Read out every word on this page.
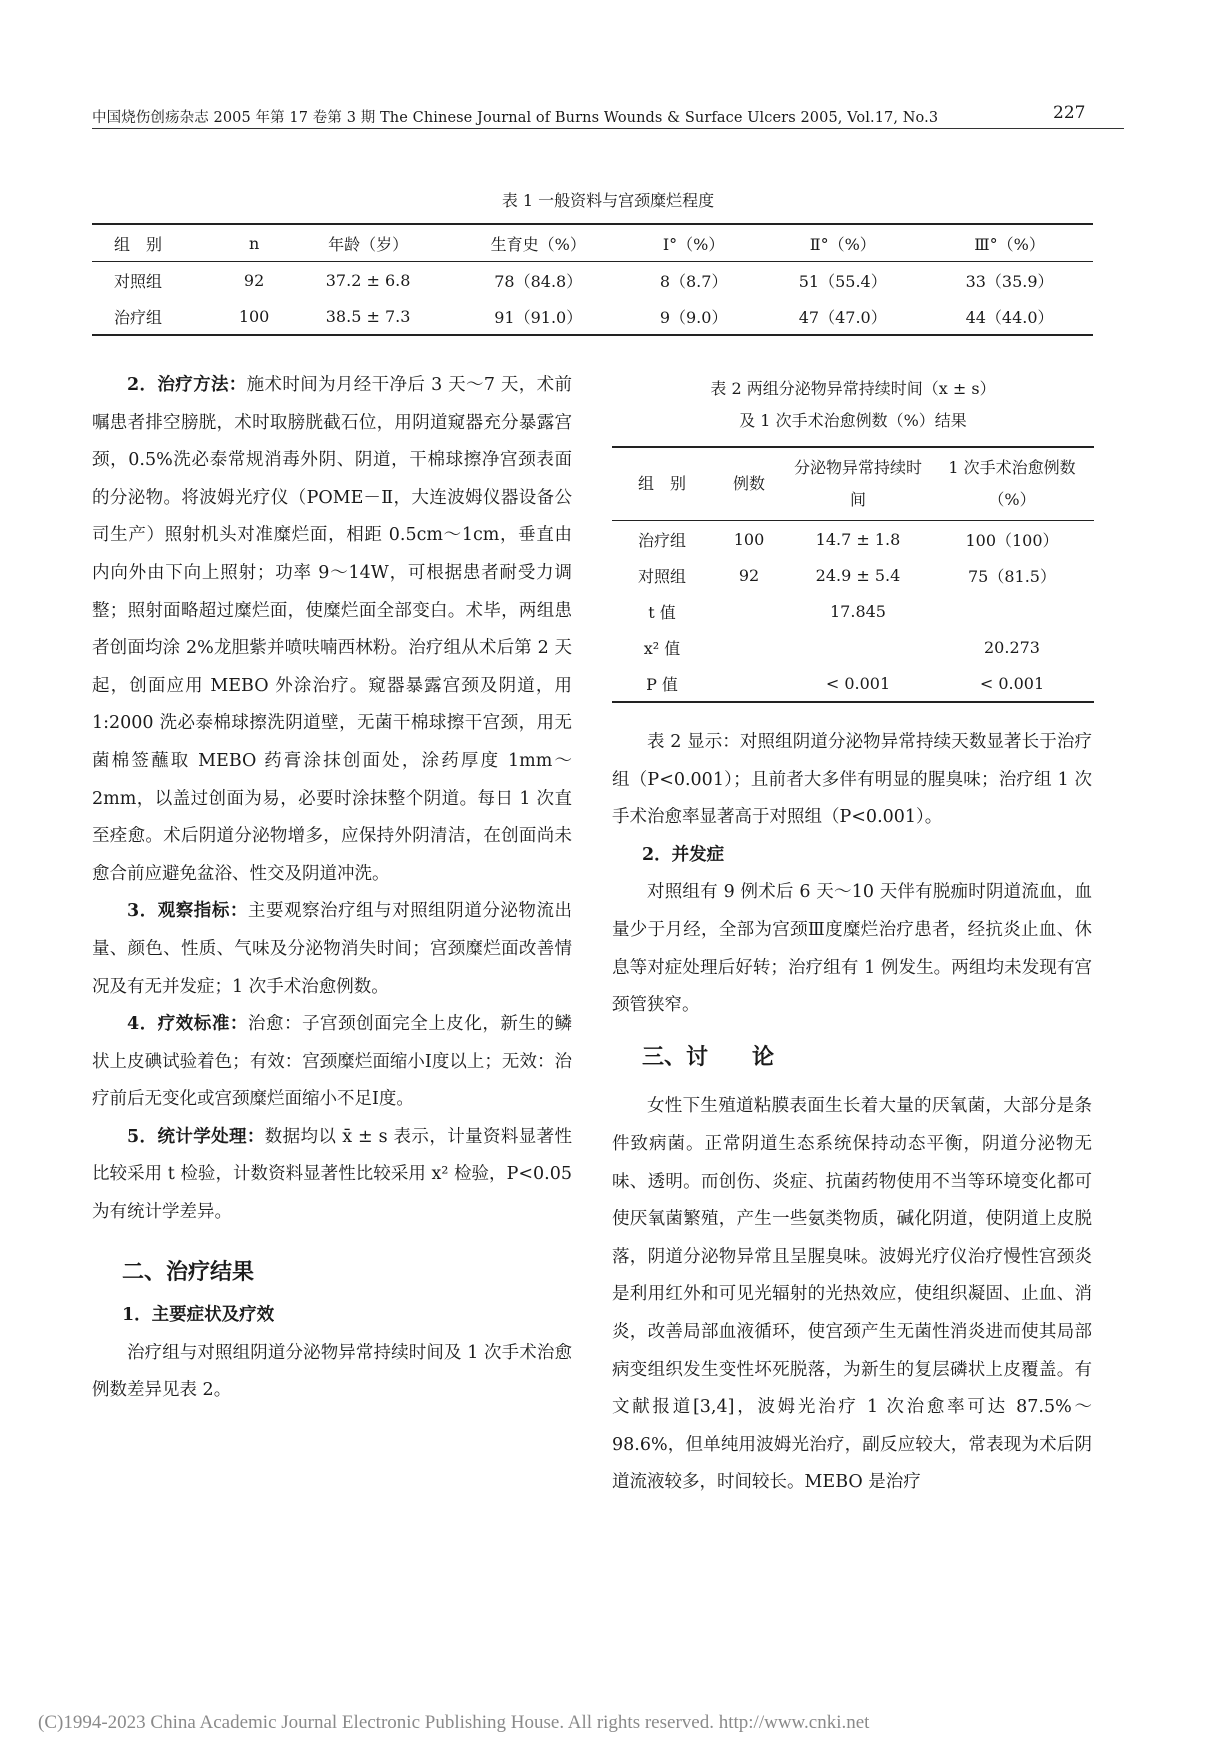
中国烧伤创疡杂志 2005 年第 17 卷第 3 期 The Chinese Journal of Burns Wounds & Surface Ulcers 2005, Vol.17, No.3	227
表 1 一般资料与宫颈糜烂程度
组　别	n	年龄（岁）	生育史（%）	Ⅰ°（%）	Ⅱ°（%）	Ⅲ°（%）
对照组	92	37.2 ± 6.8	78（84.8）	8（8.7）	51（55.4）	33（35.9）
治疗组	100	38.5 ± 7.3	91（91.0）	9（9.0）	47（47.0）	44（44.0）

2．治疗方法：施术时间为月经干净后 3 天～7 天，术前嘱患者排空膀胱，术时取膀胱截石位，用阴道窥器充分暴露宫颈，0.5%洗必泰常规消毒外阴、阴道，干棉球擦净宫颈表面的分泌物。将波姆光疗仪（POME－Ⅱ，大连波姆仪器设备公司生产）照射机头对准糜烂面，相距 0.5cm～1cm，垂直由内向外由下向上照射；功率 9～14W，可根据患者耐受力调整；照射面略超过糜烂面，使糜烂面全部变白。术毕，两组患者创面均涂 2%龙胆紫并喷呋喃西林粉。治疗组从术后第 2 天起，创面应用 MEBO 外涂治疗。窥器暴露宫颈及阴道，用 1:2000 洗必泰棉球擦洗阴道壁，无菌干棉球擦干宫颈，用无菌棉签蘸取 MEBO 药膏涂抹创面处，涂药厚度 1mm～2mm，以盖过创面为易，必要时涂抹整个阴道。每日 1 次直至痊愈。术后阴道分泌物增多，应保持外阴清洁，在创面尚未愈合前应避免盆浴、性交及阴道冲洗。

3．观察指标：主要观察治疗组与对照组阴道分泌物流出量、颜色、性质、气味及分泌物消失时间；宫颈糜烂面改善情况及有无并发症；1 次手术治愈例数。

4．疗效标准：治愈：子宫颈创面完全上皮化，新生的鳞状上皮碘试验着色；有效：宫颈糜烂面缩小Ⅰ度以上；无效：治疗前后无变化或宫颈糜烂面缩小不足Ⅰ度。

5．统计学处理：数据均以 x̄ ± s 表示，计量资料显著性比较采用 t 检验，计数资料显著性比较采用 x² 检验，P<0.05 为有统计学差异。

二、治疗结果

1．主要症状及疗效

治疗组与对照组阴道分泌物异常持续时间及 1 次手术治愈例数差异见表 2。

表 2 两组分泌物异常持续时间（x ± s）
及 1 次手术治愈例数（%）结果
组　别	例数	分泌物异常持续时间	1 次手术治愈例数（%）
治疗组	100	14.7 ± 1.8	100（100）
对照组	92	24.9 ± 5.4	75（81.5）
t 值		17.845	
x² 值			20.273
P 值		< 0.001	< 0.001

表 2 显示：对照组阴道分泌物异常持续天数显著长于治疗组（P<0.001）；且前者大多伴有明显的腥臭味；治疗组 1 次手术治愈率显著高于对照组（P<0.001）。

2．并发症

对照组有 9 例术后 6 天～10 天伴有脱痂时阴道流血，血量少于月经，全部为宫颈Ⅲ度糜烂治疗患者，经抗炎止血、休息等对症处理后好转；治疗组有 1 例发生。两组均未发现有宫颈管狭窄。

三、讨　　论

女性下生殖道粘膜表面生长着大量的厌氧菌，大部分是条件致病菌。正常阴道生态系统保持动态平衡，阴道分泌物无味、透明。而创伤、炎症、抗菌药物使用不当等环境变化都可使厌氧菌繁殖，产生一些氨类物质，碱化阴道，使阴道上皮脱落，阴道分泌物异常且呈腥臭味。波姆光疗仪治疗慢性宫颈炎是利用红外和可见光辐射的光热效应，使组织凝固、止血、消炎，改善局部血液循环，使宫颈产生无菌性消炎进而使其局部病变组织发生变性坏死脱落，为新生的复层磷状上皮覆盖。有文献报道[3,4]，波姆光治疗 1 次治愈率可达 87.5%～98.6%，但单纯用波姆光治疗，副反应较大，常表现为术后阴道流液较多，时间较长。MEBO 是治疗

(C)1994-2023 China Academic Journal Electronic Publishing House. All rights reserved. http://www.cnki.net
